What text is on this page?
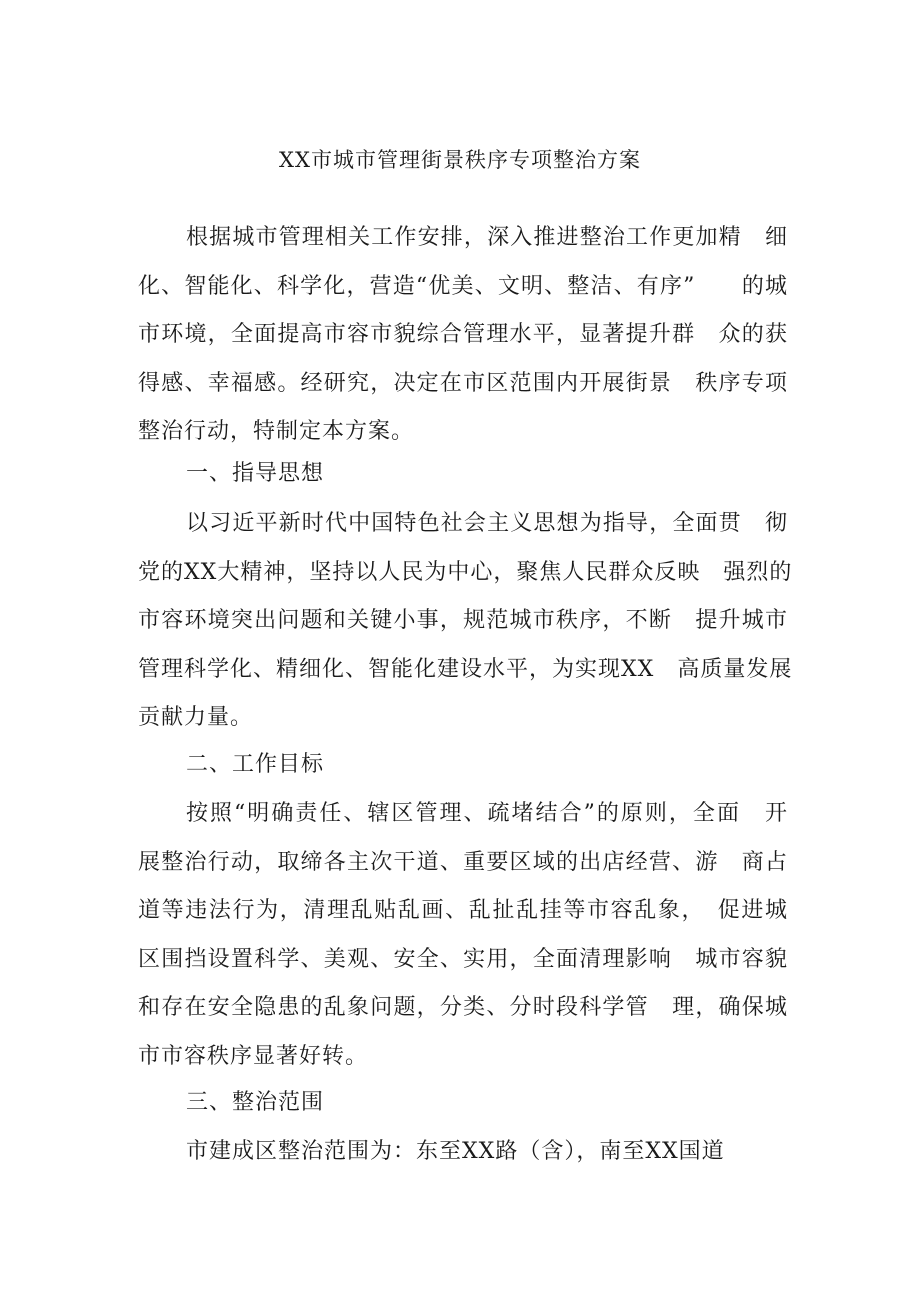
XX市城市管理街景秩序专项整治方案
根据城市管理相关工作安排，深入推进整治工作更加精　细
化、智能化、科学化，营造“优美、文明、整洁、有序”　　的城
市环境，全面提高市容市貌综合管理水平，显著提升群　众的获
得感、幸福感。经研究，决定在市区范围内开展街景　秩序专项
整治行动，特制定本方案。
一、指导思想
以习近平新时代中国特色社会主义思想为指导，全面贯　彻
党的XX大精神，坚持以人民为中心，聚焦人民群众反映　强烈的
市容环境突出问题和关键小事，规范城市秩序，不断　提升城市
管理科学化、精细化、智能化建设水平，为实现XX　高质量发展
贡献力量。
二、工作目标
按照“明确责任、辖区管理、疏堵结合”的原则，全面　开
展整治行动，取缔各主次干道、重要区域的出店经营、游　商占
道等违法行为，清理乱贴乱画、乱扯乱挂等市容乱象，　促进城
区围挡设置科学、美观、安全、实用，全面清理影响　城市容貌
和存在安全隐患的乱象问题，分类、分时段科学管　理，确保城
市市容秩序显著好转。
三、整治范围
市建成区整治范围为：东至XX路（含），南至XX国道
